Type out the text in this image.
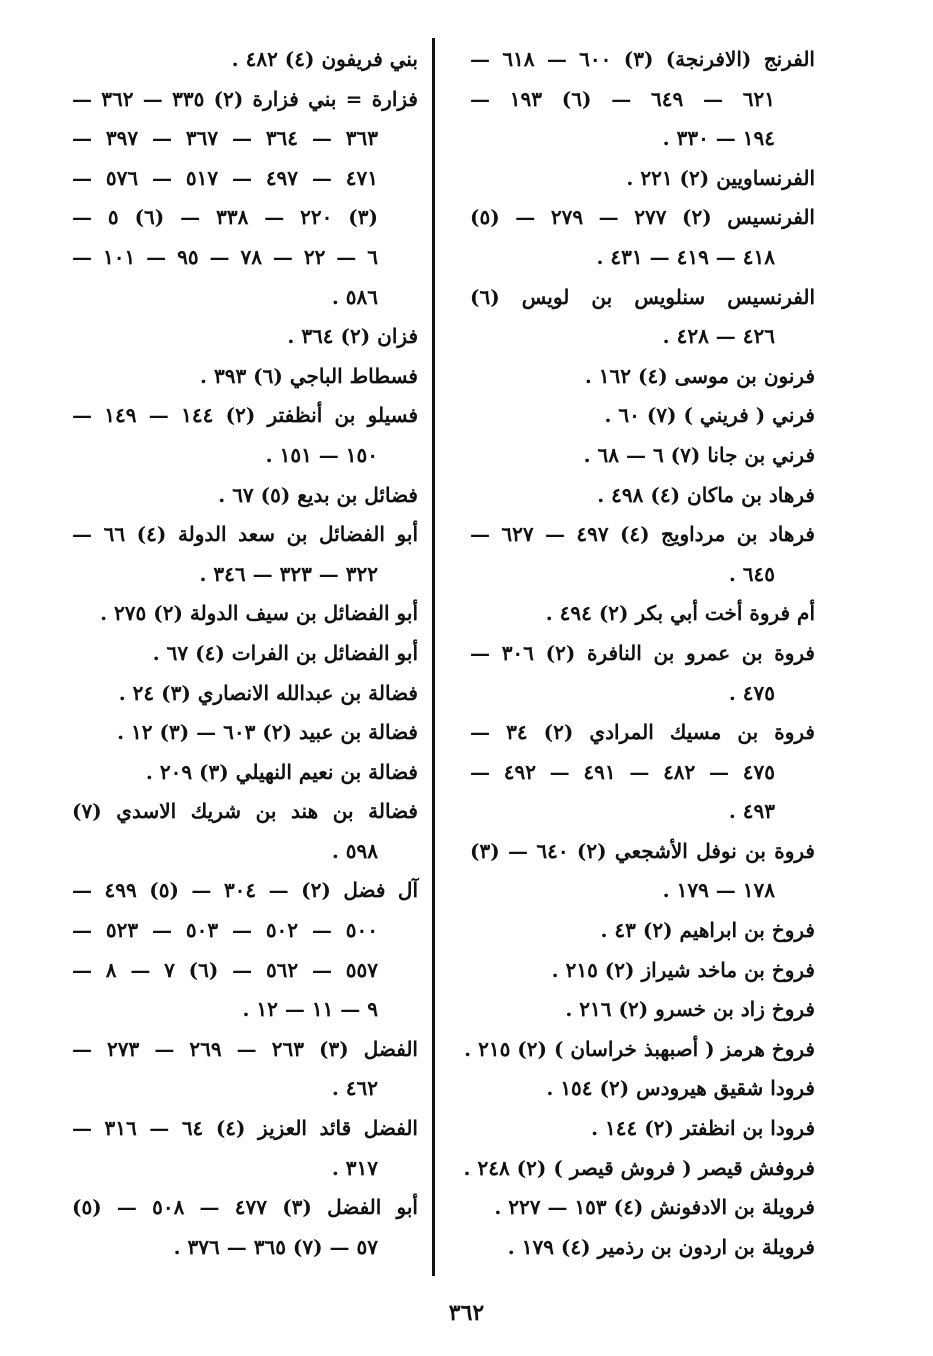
الفرنج (الافرنجة) (٣) ٦٠٠ — ٦١٨ —
٦٢١ — ٦٤٩ — (٦) ١٩٣ —
١٩٤ — ٣٣٠ .
الفرنساويين (٢) ٢٢١ .
الفرنسيس (٢) ٢٧٧ — ٢٧٩ — (٥)
٤١٨ — ٤١٩ — ٤٣١ .
الفرنسيس سنلويس بن لويس (٦)
٤٢٦ — ٤٢٨ .
فرنون بن موسى (٤) ١٦٢ .
فرني ( فريني ) (٧) ٦٠ .
فرني بن جانا (٧) ٦ — ٦٨ .
فرهاد بن ماكان (٤) ٤٩٨ .
فرهاد بن مرداويج (٤) ٤٩٧ — ٦٢٧ —
٦٤٥ .
أم فروة أخت أبي بكر (٢) ٤٩٤ .
فروة بن عمرو بن النافرة (٢) ٣٠٦ —
٤٧٥ .
فروة بن مسيك المرادي (٢) ٣٤ —
٤٧٥ — ٤٨٢ — ٤٩١ — ٤٩٢ —
٤٩٣ .
فروة بن نوفل الأشجعي (٢) ٦٤٠ — (٣)
١٧٨ — ١٧٩ .
فروخ بن ابراهيم (٢) ٤٣ .
فروخ بن ماخد شيراز (٢) ٢١٥ .
فروخ زاد بن خسرو (٢) ٢١٦ .
فروخ هرمز ( أصبهبذ خراسان ) (٢) ٢١٥ .
فرودا شقيق هيرودس (٢) ١٥٤ .
فرودا بن انظفتر (٢) ١٤٤ .
فروفش قيصر ( فروش قيصر ) (٢) ٢٤٨ .
فرويلة بن الادفونش (٤) ١٥٣ — ٢٢٧ .
فرويلة بن اردون بن رذمير (٤) ١٧٩ .
بني فريفون (٤) ٤٨٢ .
فزارة = بني فزارة (٢) ٣٣٥ — ٣٦٢ —
٣٦٣ — ٣٦٤ — ٣٦٧ — ٣٩٧ —
٤٧١ — ٤٩٧ — ٥١٧ — ٥٧٦ —
(٣) ٢٢٠ — ٣٣٨ — (٦) ٥ —
٦ — ٢٢ — ٧٨ — ٩٥ — ١٠١ —
٥٨٦ .
فزان (٢) ٣٦٤ .
فسطاط الباجي (٦) ٣٩٣ .
فسيلو بن أنظفتر (٢) ١٤٤ — ١٤٩ —
١٥٠ — ١٥١ .
فضائل بن بديع (٥) ٦٧ .
أبو الفضائل بن سعد الدولة (٤) ٦٦ —
٣٢٢ — ٣٢٣ — ٣٤٦ .
أبو الفضائل بن سيف الدولة (٢) ٢٧٥ .
أبو الفضائل بن الفرات (٤) ٦٧ .
فضالة بن عبدالله الانصاري (٣) ٢٤ .
فضالة بن عبيد (٢) ٦٠٣ — (٣) ١٢ .
فضالة بن نعيم النهيلي (٣) ٢٠٩ .
فضالة بن هند بن شريك الاسدي (٧)
٥٩٨ .
آل فضل (٢) — ٣٠٤ — (٥) ٤٩٩ —
٥٠٠ — ٥٠٢ — ٥٠٣ — ٥٢٣ —
٥٥٧ — ٥٦٢ — (٦) ٧ — ٨ —
٩ — ١١ — ١٢ .
الفضل (٣) ٢٦٣ — ٢٦٩ — ٢٧٣ —
٤٦٢ .
الفضل قائد العزيز (٤) ٦٤ — ٣١٦ —
٣١٧ .
أبو الفضل (٣) ٤٧٧ — ٥٠٨ — (٥)
٥٧ — (٧) ٣٦٥ — ٣٧٦ .
٣٦٢
